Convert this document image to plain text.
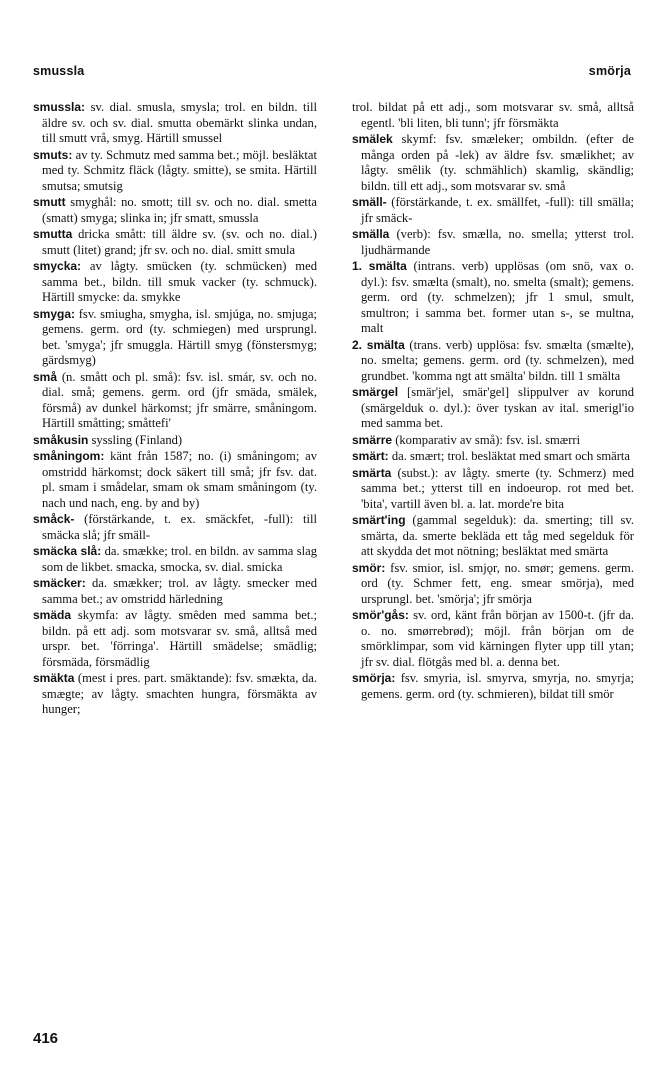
smussla	smörja

smussla: sv. dial. smusla, smysla; trol. en bildn. till äldre sv. och sv. dial. smutta obemärkt slinka undan, till smutt vrå, smyg. Härtill smussel

smuts: av ty. Schmutz med samma bet.; möjl. besläktat med ty. Schmitz fläck (lågty. smitte), se smita. Härtill smutsa; smutsig

smutt smyghål: no. smott; till sv. och no. dial. smetta (smatt) smyga; slinka in; jfr smatt, smussla

smutta dricka smått: till äldre sv. (sv. och no. dial.) smutt (litet) grand; jfr sv. och no. dial. smitt smula

smycka: av lågty. smücken (ty. schmücken) med samma bet., bildn. till smuk vacker (ty. schmuck). Härtill smycke: da. smykke

smyga: fsv. smiugha, smygha, isl. smjúga, no. smjuga; gemens. germ. ord (ty. schmiegen) med ursprungl. bet. 'smyga'; jfr smuggla. Härtill smyg (fönstersmyg; gärdsmyg)

små (n. smått och pl. små): fsv. isl. smár, sv. och no. dial. små; gemens. germ. ord (jfr smäda, smälek, försmå) av dunkel härkomst; jfr smärre, småningom. Härtill småtting; småttefi'

småkusin syssling (Finland)

småningom: känt från 1587; no. (i) småningom; av omstridd härkomst; dock säkert till små; jfr fsv. dat. pl. smam i smådelar, smam ok smam småningom (ty. nach und nach, eng. by and by)

småck- (förstärkande, t. ex. smäckfet, -full): till smäcka slå; jfr smäll-

smäcka slå: da. smække; trol. en bildn. av samma slag som de likbet. smacka, smocka, sv. dial. smicka

smäcker: da. smækker; trol. av lågty. smecker med samma bet.; av omstridd härledning

smäda skymfa: av lågty. smêden med samma bet.; bildn. på ett adj. som motsvarar sv. små, alltså med urspr. bet. 'förringa'. Härtill smädelse; smädlig; försmäda, försmädlig

smäkta (mest i pres. part. smäktande): fsv. smækta, da. smægte; av lågty. smachten hungra, försmäkta av hunger;

trol. bildat på ett adj., som motsvarar sv. små, alltså egentl. 'bli liten, bli tunn'; jfr försmäkta

smälek skymf: fsv. smæleker; ombildn. (efter de många orden på -lek) av äldre fsv. smælikhet; av lågty. smêlik (ty. schmählich) skamlig, skändlig; bildn. till ett adj., som motsvarar sv. små

smäll- (förstärkande, t. ex. smällfet, -full): till smälla; jfr smäck-

smälla (verb): fsv. smælla, no. smella; ytterst trol. ljudhärmande

1. smälta (intrans. verb) upplösas (om snö, vax o. dyl.): fsv. smælta (smalt), no. smelta (smalt); gemens. germ. ord (ty. schmelzen); jfr 1 smul, smult, smultron; i samma bet. former utan s-, se multna, malt

2. smälta (trans. verb) upplösa: fsv. smælta (smælte), no. smelta; gemens. germ. ord (ty. schmelzen), med grundbet. 'komma ngt att smälta' bildn. till 1 smälta

smärgel [smär'jel, smär'gel] slippulver av korund (smärgelduk o. dyl.): över tyskan av ital. smerigl'io med samma bet.

smärre (komparativ av små): fsv. isl. smærri

smärt: da. smært; trol. besläktat med smart och smärta

smärta (subst.): av lågty. smerte (ty. Schmerz) med samma bet.; ytterst till en indoeurop. rot med bet. 'bita', vartill även bl. a. lat. morde're bita

smärt'ing (gammal segelduk): da. smerting; till sv. smärta, da. smerte bekläda ett tåg med segelduk för att skydda det mot nötning; besläktat med smärta

smör: fsv. smior, isl. smjǫr, no. smør; gemens. germ. ord (ty. Schmer fett, eng. smear smörja), med ursprungl. bet. 'smörja'; jfr smörja

smör'gås: sv. ord, känt från början av 1500-t. (jfr da. o. no. smørrebrød); möjl. från början om de smörklimpar, som vid kärningen flyter upp till ytan; jfr sv. dial. flötgås med bl. a. denna bet.

smörja: fsv. smyria, isl. smyrva, smyrja, no. smyrja; gemens. germ. ord (ty. schmieren), bildat till smör

416
